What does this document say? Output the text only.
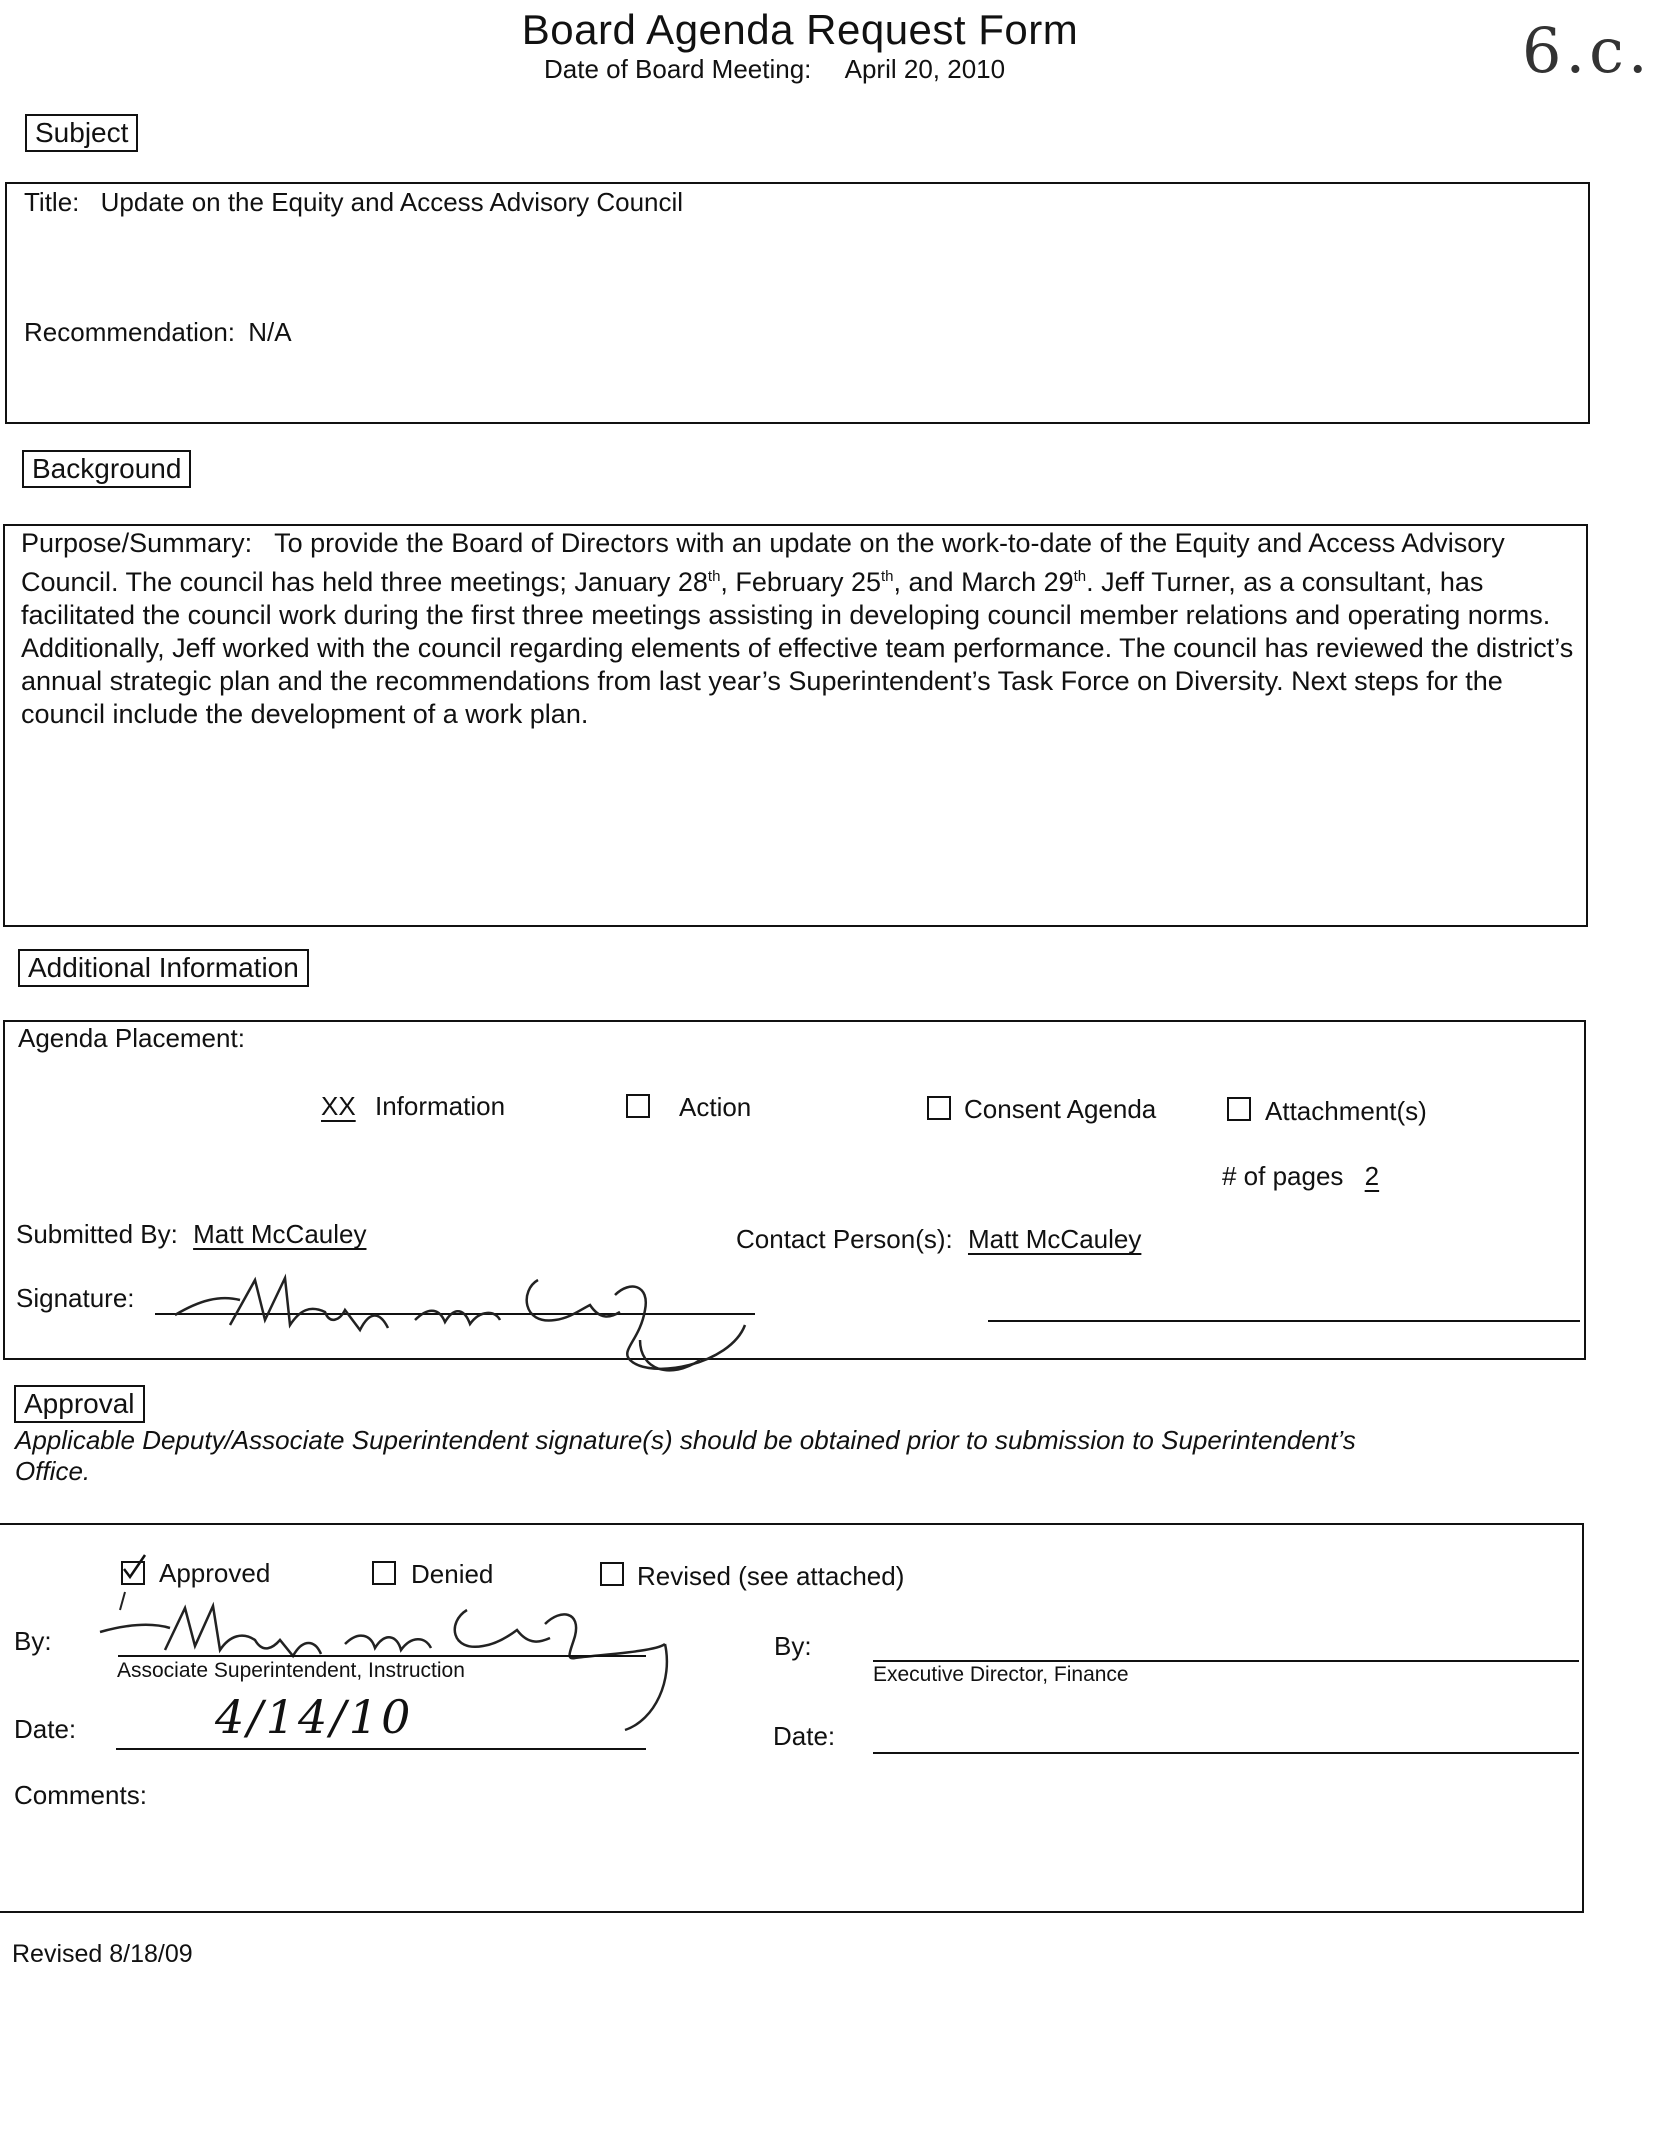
Board Agenda Request Form
Date of Board Meeting: April 20, 2010	6.c.
Subject
Title: Update on the Equity and Access Advisory Council
Recommendation: N/A
Background
Purpose/Summary: To provide the Board of Directors with an update on the work-to-date of the Equity and Access Advisory Council. The council has held three meetings; January 28th, February 25th, and March 29th. Jeff Turner, as a consultant, has facilitated the council work during the first three meetings assisting in developing council member relations and operating norms. Additionally, Jeff worked with the council regarding elements of effective team performance. The council has reviewed the district’s annual strategic plan and the recommendations from last year’s Superintendent’s Task Force on Diversity. Next steps for the council include the development of a work plan.
Additional Information
Agenda Placement:
XX Information	Action	Consent Agenda	Attachment(s)
# of pages 2
Submitted By: Matt McCauley	Contact Person(s): Matt McCauley
Signature:
Approval
Applicable Deputy/Associate Superintendent signature(s) should be obtained prior to submission to Superintendent’s Office.
Approved	Denied	Revised (see attached)
By:
Associate Superintendent, Instruction
By:
Executive Director, Finance
Date:	4/14/10	Date:
Comments:
Revised 8/18/09
